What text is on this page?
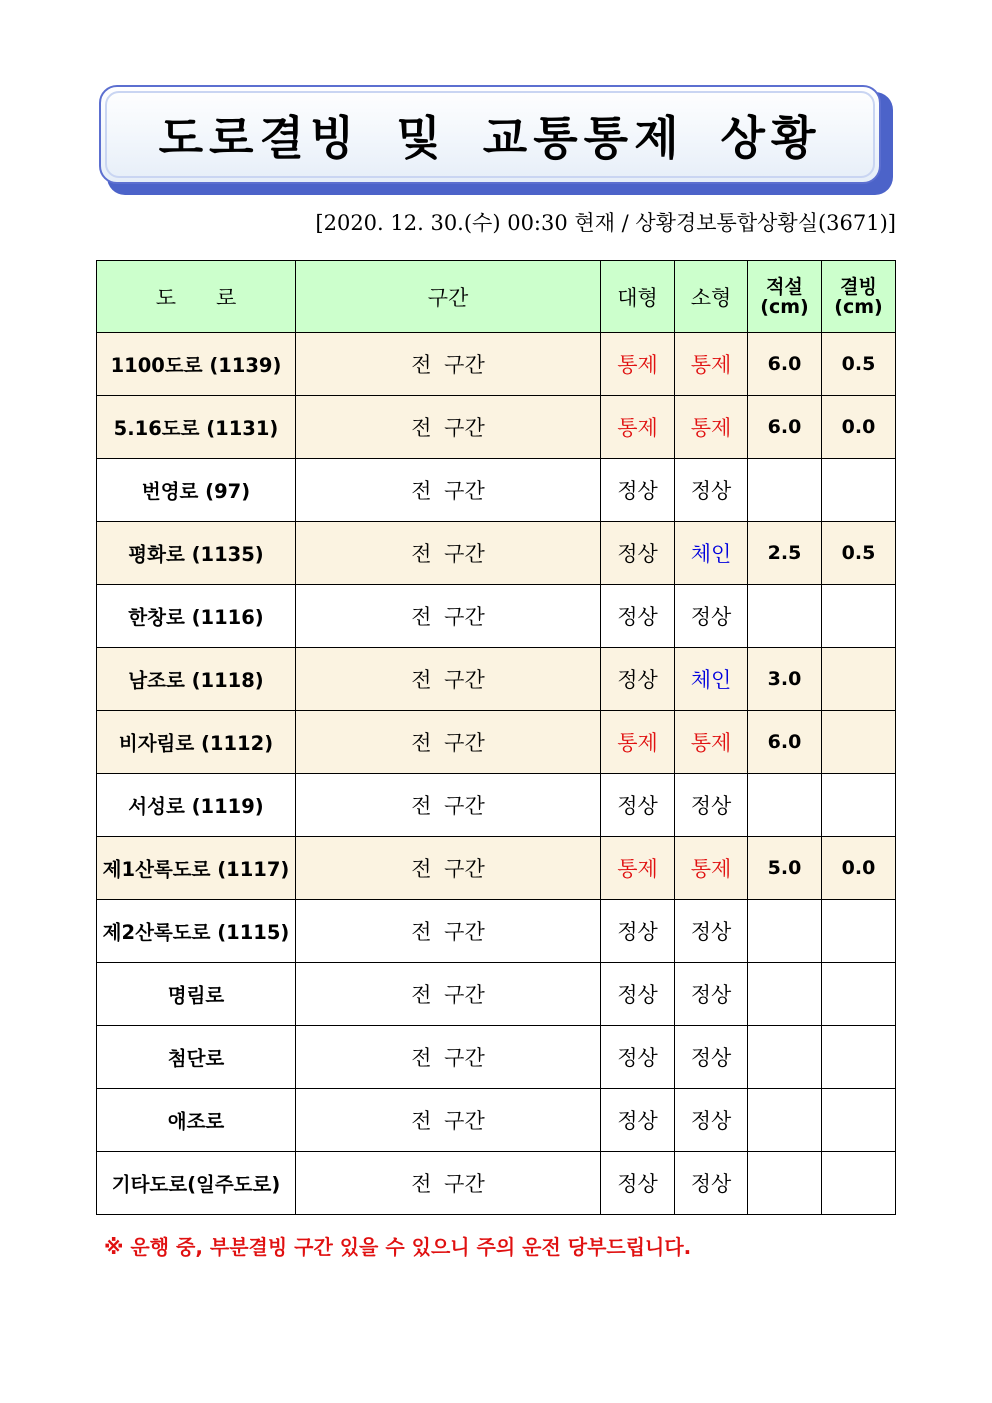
도로결빙 및 교통통제 상황
[2020. 12. 30.(수) 00:30 현재 / 상황경보통합상황실(3671)]
도      로	구간	대형	소형	적설
(cm)	결빙
(cm)

1100도로 (1139)	전 구간	통제	통제	6.0	0.5
5.16도로 (1131)	전 구간	통제	통제	6.0	0.0
번영로 (97)	전 구간	정상	정상		
평화로 (1135)	전 구간	정상	체인	2.5	0.5
한창로 (1116)	전 구간	정상	정상		
남조로 (1118)	전 구간	정상	체인	3.0	
비자림로 (1112)	전 구간	통제	통제	6.0	
서성로 (1119)	전 구간	정상	정상		
제1산록도로 (1117)	전 구간	통제	통제	5.0	0.0
제2산록도로 (1115)	전 구간	정상	정상		
명림로	전 구간	정상	정상		
첨단로	전 구간	정상	정상		
애조로	전 구간	정상	정상		
기타도로(일주도로)	전 구간	정상	정상		
※ 운행 중, 부분결빙 구간 있을 수 있으니 주의 운전 당부드립니다.
